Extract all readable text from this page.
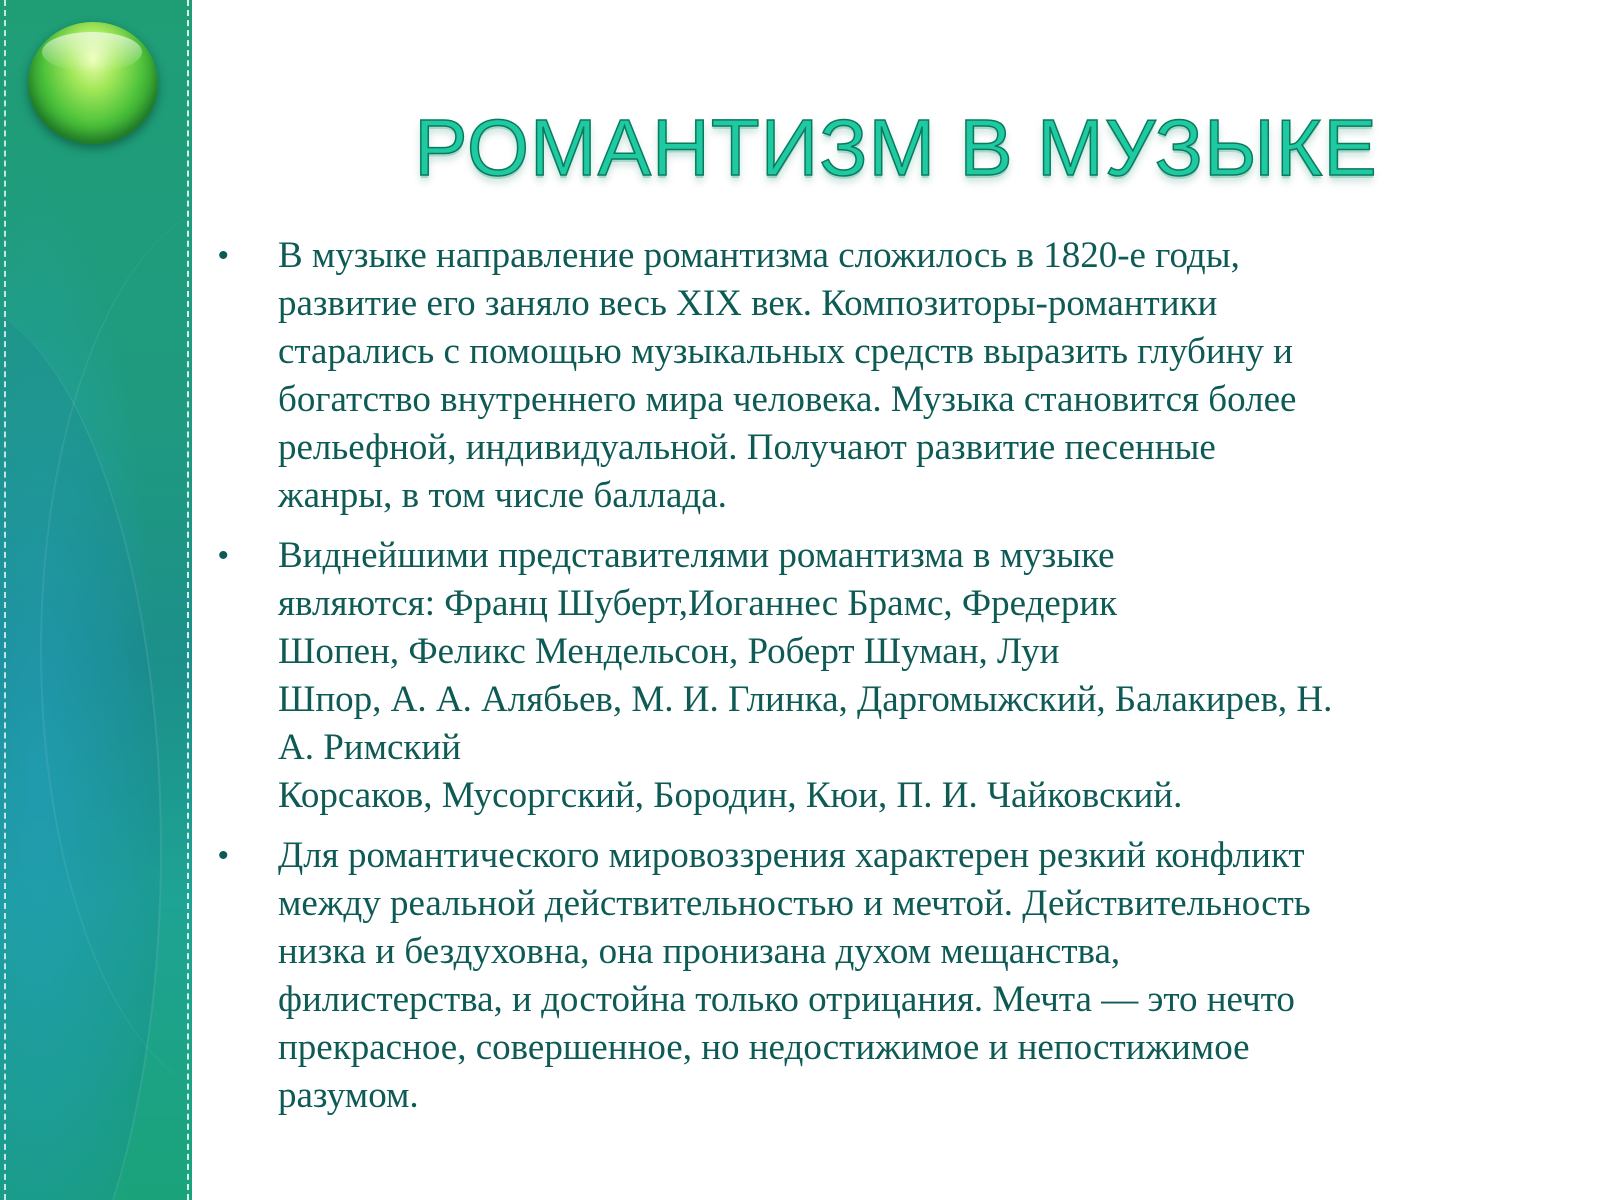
РОМАНТИЗМ В МУЗЫКЕ
• В музыке направление романтизма сложилось в 1820-е годы,
развитие его заняло весь XIX век. Композиторы-романтики
старались с помощью музыкальных средств выразить глубину и
богатство внутреннего мира человека. Музыка становится более
рельефной, индивидуальной. Получают развитие песенные
жанры, в том числе баллада.
• Виднейшими представителями романтизма в музыке
являются: Франц Шуберт,Иоганнес Брамс, Фредерик
Шопен, Феликс Мендельсон, Роберт Шуман, Луи
Шпор, А. А. Алябьев, М. И. Глинка, Даргомыжский, Балакирев, Н.
А. Римский
Корсаков, Мусоргский, Бородин, Кюи, П. И. Чайковский.
• Для романтического мировоззрения характерен резкий конфликт
между реальной действительностью и мечтой. Действительность
низка и бездуховна, она пронизана духом мещанства,
филистерства, и достойна только отрицания. Мечта — это нечто
прекрасное, совершенное, но недостижимое и непостижимое
разумом.
